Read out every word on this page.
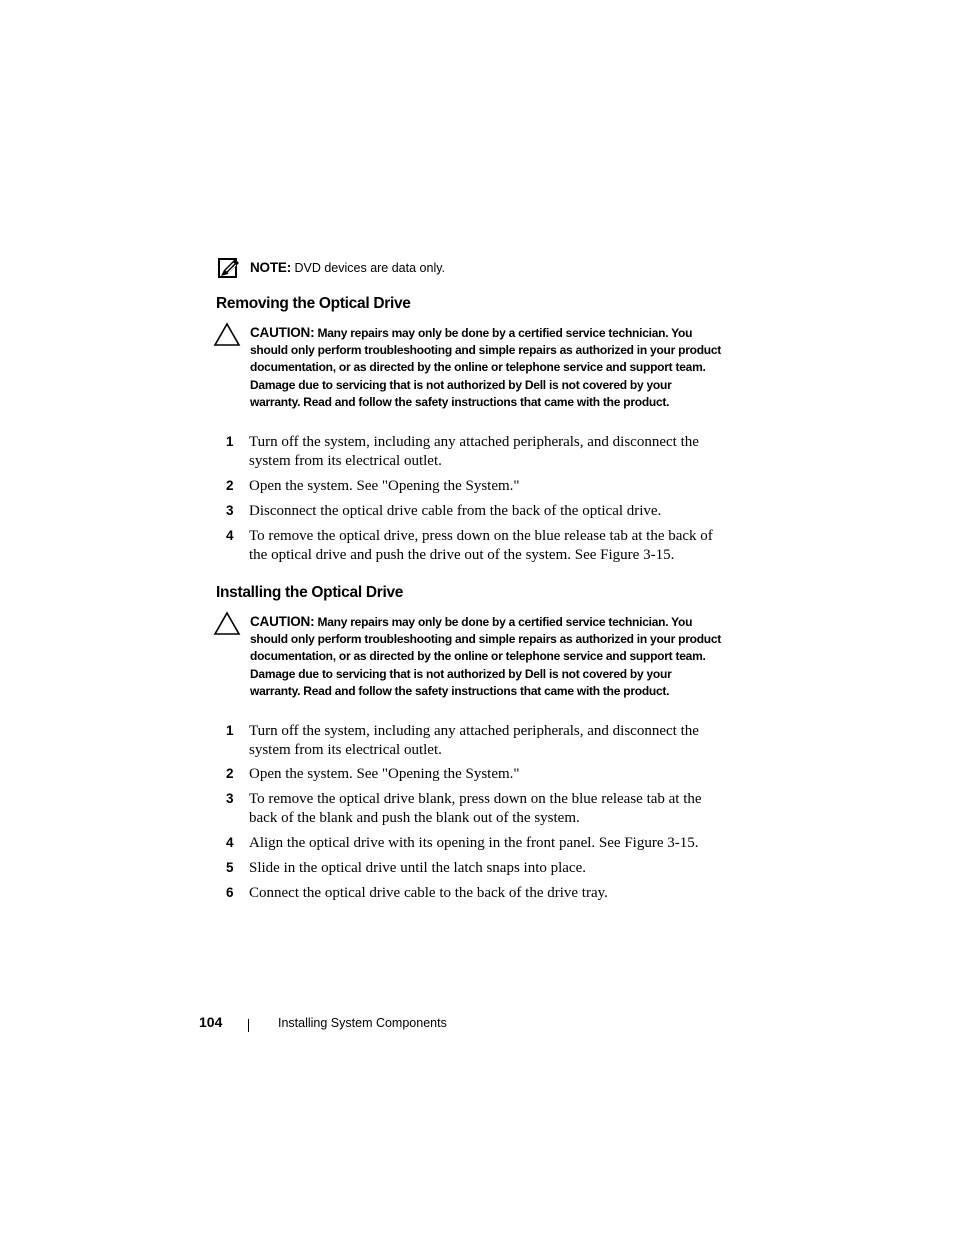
NOTE: DVD devices are data only.
Removing the Optical Drive
CAUTION: Many repairs may only be done by a certified service technician. You should only perform troubleshooting and simple repairs as authorized in your product documentation, or as directed by the online or telephone service and support team. Damage due to servicing that is not authorized by Dell is not covered by your warranty. Read and follow the safety instructions that came with the product.
1 Turn off the system, including any attached peripherals, and disconnect the system from its electrical outlet.
2 Open the system. See "Opening the System."
3 Disconnect the optical drive cable from the back of the optical drive.
4 To remove the optical drive, press down on the blue release tab at the back of the optical drive and push the drive out of the system. See Figure 3-15.
Installing the Optical Drive
CAUTION: Many repairs may only be done by a certified service technician. You should only perform troubleshooting and simple repairs as authorized in your product documentation, or as directed by the online or telephone service and support team. Damage due to servicing that is not authorized by Dell is not covered by your warranty. Read and follow the safety instructions that came with the product.
1 Turn off the system, including any attached peripherals, and disconnect the system from its electrical outlet.
2 Open the system. See "Opening the System."
3 To remove the optical drive blank, press down on the blue release tab at the back of the blank and push the blank out of the system.
4 Align the optical drive with its opening in the front panel. See Figure 3-15.
5 Slide in the optical drive until the latch snaps into place.
6 Connect the optical drive cable to the back of the drive tray.
104	Installing System Components
